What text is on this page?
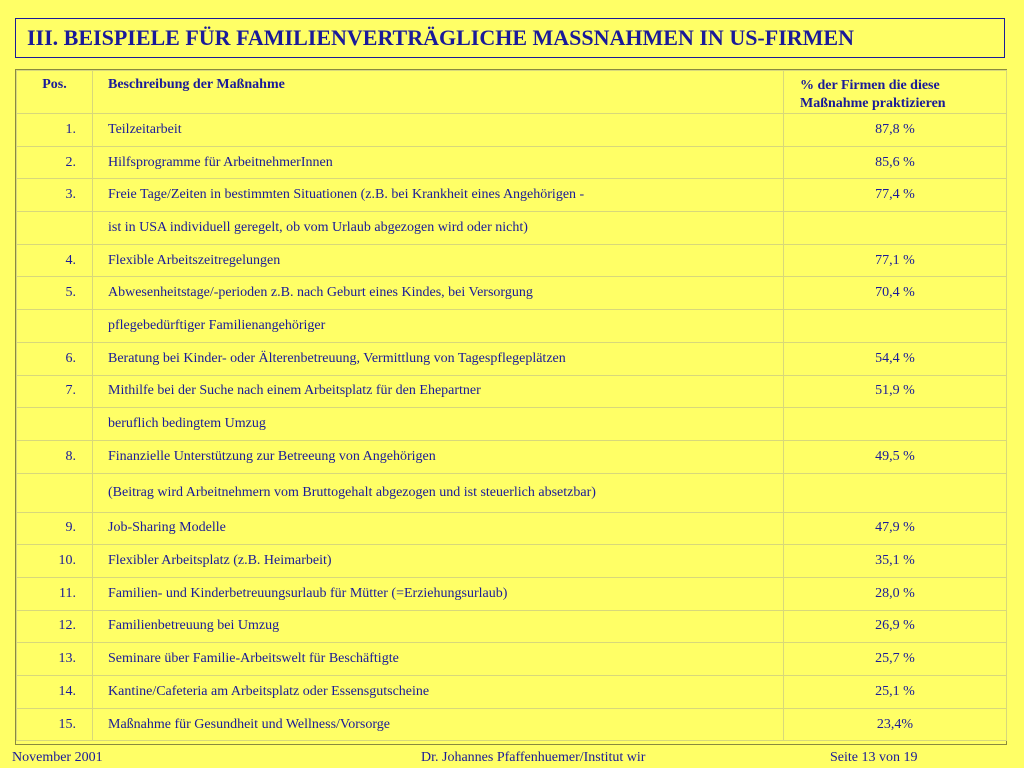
III. BEISPIELE FÜR FAMILIENVERTRÄGLICHE MASSNAHMEN IN US-FIRMEN
Pos.	Beschreibung der Maßnahme	% der Firmen die diese Maßnahme praktizieren
1.	Teilzeitarbeit	87,8 %
2.	Hilfsprogramme für ArbeitnehmerInnen	85,6 %
3.	Freie Tage/Zeiten in bestimmten Situationen (z.B. bei Krankheit eines Angehörigen -	77,4 %
	ist in USA individuell geregelt, ob vom Urlaub abgezogen wird oder nicht)	
4.	Flexible Arbeitszeitregelungen	77,1 %
5.	Abwesenheitstage/-perioden z.B. nach Geburt eines Kindes, bei Versorgung	70,4 %
	pflegebedürftiger Familienangehöriger	
6.	Beratung bei Kinder- oder Älterenbetreuung, Vermittlung von Tagespflegeplätzen	54,4 %
7.	Mithilfe bei der Suche nach einem Arbeitsplatz für den Ehepartner	51,9 %
	beruflich bedingtem Umzug	
8.	Finanzielle Unterstützung zur Betreeung von Angehörigen	49,5 %
	(Beitrag wird Arbeitnehmern vom Bruttogehalt abgezogen und ist steuerlich absetzbar)	
9.	Job-Sharing Modelle	47,9 %
10.	Flexibler Arbeitsplatz (z.B. Heimarbeit)	35,1 %
11.	Familien- und Kinderbetreuungsurlaub für Mütter (=Erziehungsurlaub)	28,0 %
12.	Familienbetreuung bei Umzug	26,9 %
13.	Seminare über Familie-Arbeitswelt für Beschäftigte	25,7 %
14.	Kantine/Cafeteria am Arbeitsplatz oder Essensgutscheine	25,1 %
15.	Maßnahme für Gesundheit und Wellness/Vorsorge	23,4%
November 2001	Dr. Johannes Pfaffenhuemer/Institut wir	Seite 13 von 19
